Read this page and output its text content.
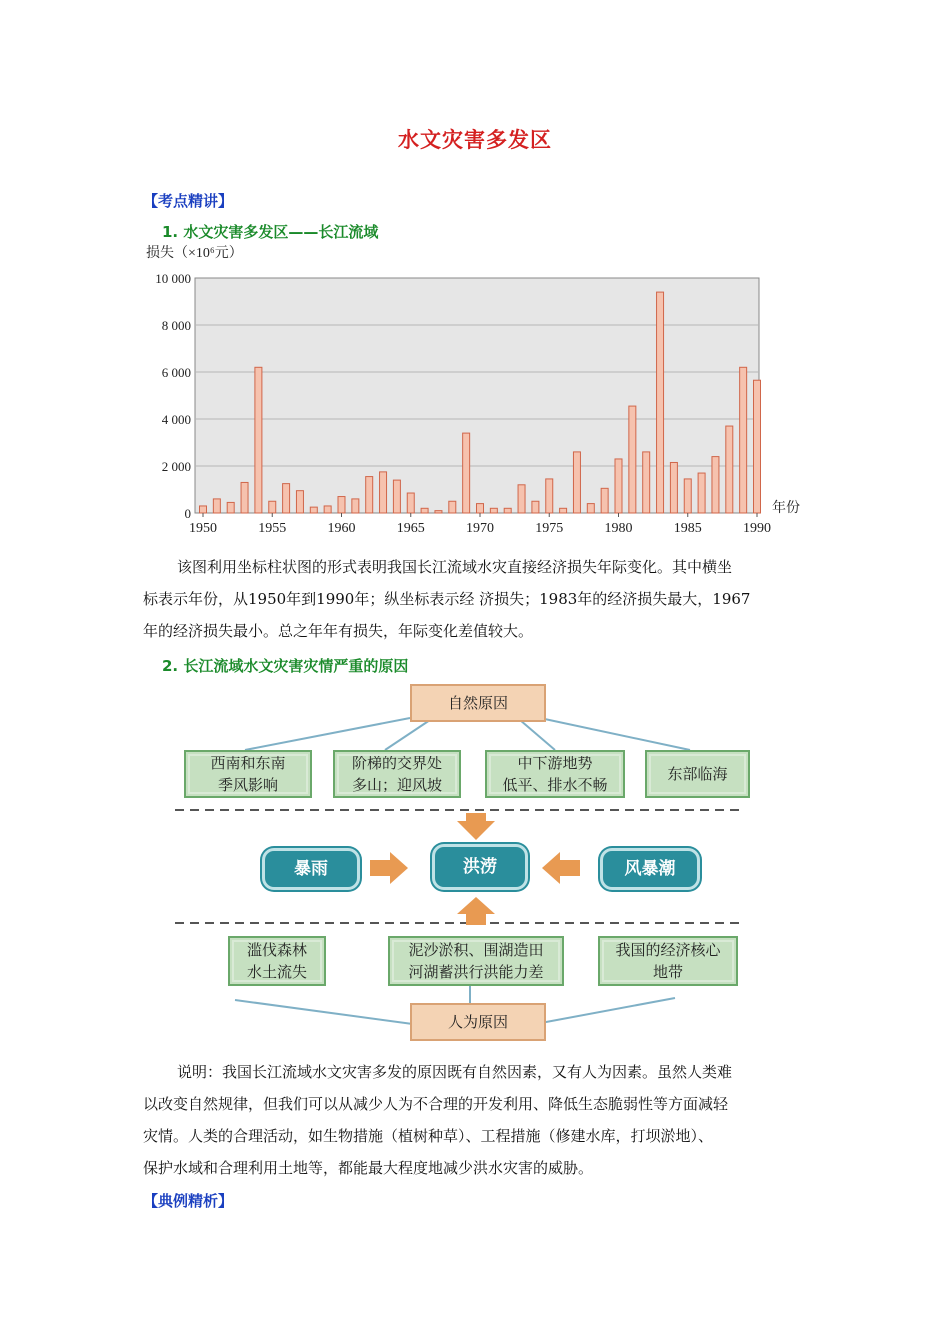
水文灾害多发区
【考点精讲】
1. 水文灾害多发区——长江流域
损失（×10⁶元）
0
2 000
4 000
6 000
8 000
10 000
1950	1955	1960	1965	1970	1975	1980	1985	1990
年份

该图利用坐标柱状图的形式表明我国长江流域水灾直接经济损失年际变化。其中横坐

标表示年份，从1950年到1990年；纵坐标表示经 济损失；1983年的经济损失最大，1967

年的经济损失最小。总之年年有损失，年际变化差值较大。

2. 长江流域水文灾害灾情严重的原因
自然原因
西南和东南
季风影响
阶梯的交界处
多山；迎风坡
中下游地势
低平、排水不畅
东部临海
暴雨	洪涝	风暴潮
滥伐森林
水土流失
泥沙淤积、围湖造田
河湖蓄洪行洪能力差
我国的经济核心
地带
人为原因

说明：我国长江流域水文灾害多发的原因既有自然因素，又有人为因素。虽然人类难

以改变自然规律，但我们可以从减少人为不合理的开发利用、降低生态脆弱性等方面减轻

灾情。人类的合理活动，如生物措施（植树种草）、工程措施（修建水库，打坝淤地）、

保护水域和合理利用土地等，都能最大程度地减少洪水灾害的威胁。

【典例精析】
